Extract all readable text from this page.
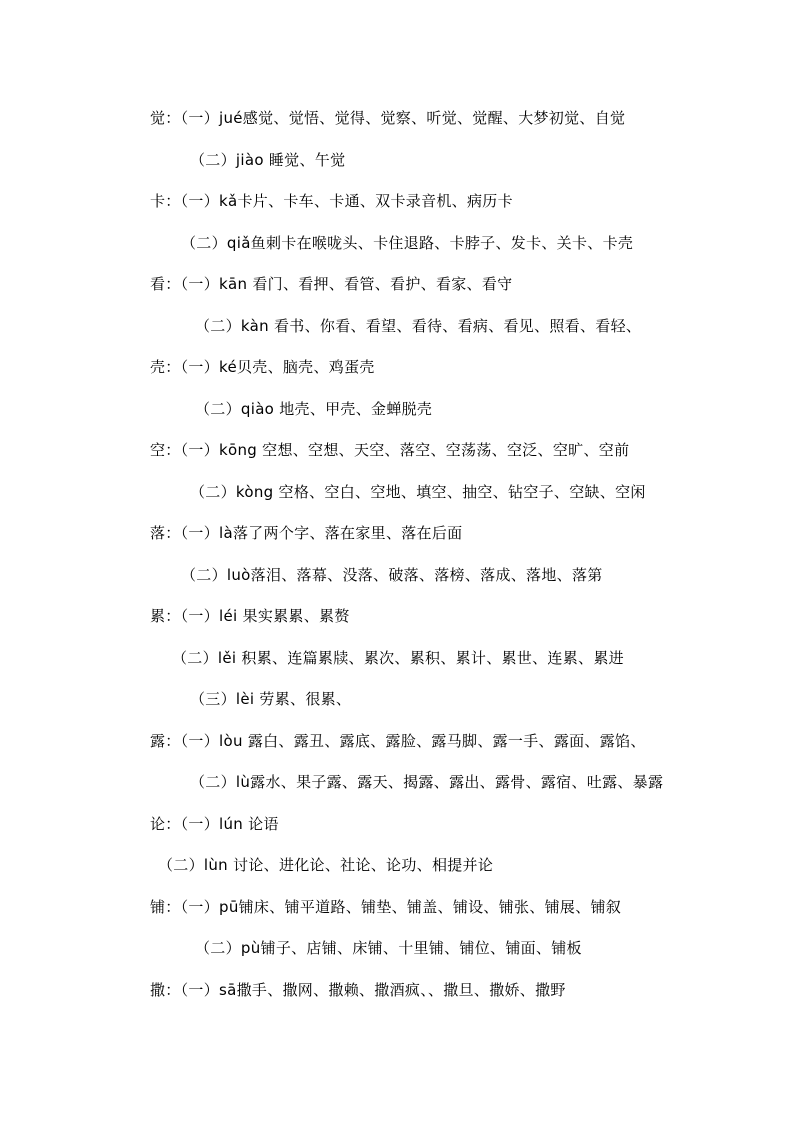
觉：（一）jué感觉、觉悟、觉得、觉察、听觉、觉醒、大梦初觉、自觉
（二）jiào 睡觉、午觉
卡：（一）kǎ卡片、卡车、卡通、双卡录音机、病历卡
（二）qiǎ鱼刺卡在喉咙头、卡住退路、卡脖子、发卡、关卡、卡壳
看：（一）kān 看门、看押、看管、看护、看家、看守
（二）kàn 看书、你看、看望、看待、看病、看见、照看、看轻、
壳：（一）ké贝壳、脑壳、鸡蛋壳
（二）qiào 地壳、甲壳、金蝉脱壳
空：（一）kōng 空想、空想、天空、落空、空荡荡、空泛、空旷、空前
（二）kòng 空格、空白、空地、填空、抽空、钻空子、空缺、空闲
落：（一）là落了两个字、落在家里、落在后面
（二）luò落泪、落幕、没落、破落、落榜、落成、落地、落第
累：（一）léi 果实累累、累赘
（二）lěi 积累、连篇累牍、累次、累积、累计、累世、连累、累进
（三）lèi 劳累、很累、
露：（一）lòu 露白、露丑、露底、露脸、露马脚、露一手、露面、露馅、
（二）lù露水、果子露、露天、揭露、露出、露骨、露宿、吐露、暴露
论：（一）lún 论语
（二）lùn 讨论、进化论、社论、论功、相提并论
铺：（一）pū铺床、铺平道路、铺垫、铺盖、铺设、铺张、铺展、铺叙
（二）pù铺子、店铺、床铺、十里铺、铺位、铺面、铺板
撒：（一）sā撒手、撒网、撒赖、撒酒疯、、撒旦、撒娇、撒野
